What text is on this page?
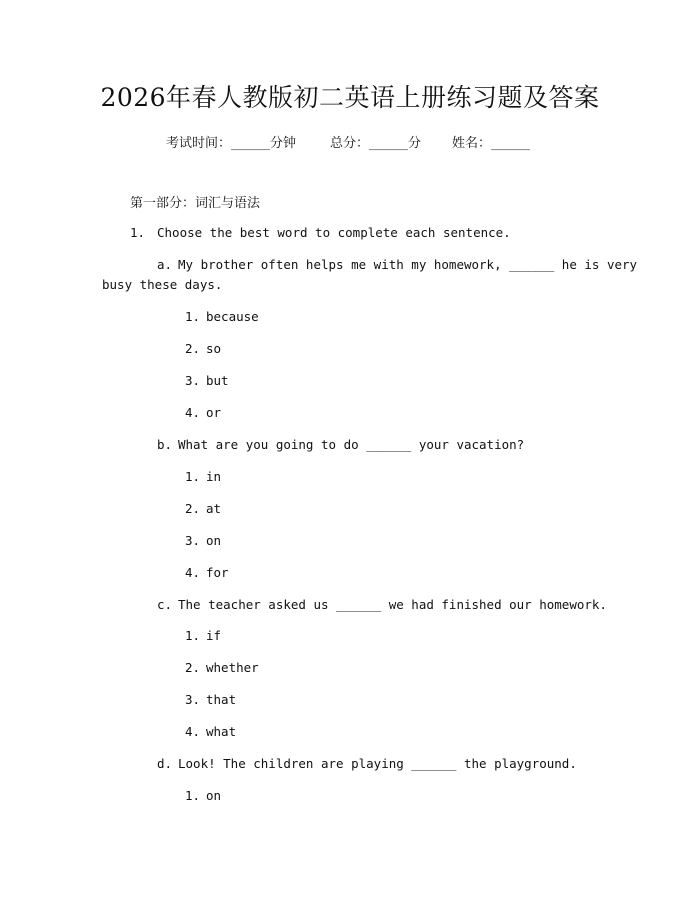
2026年春人教版初二英语上册练习题及答案
考试时间：______分钟	总分：______分 姓名：______
第一部分：词汇与语法
1. Choose the best word to complete each sentence.
a. My brother often helps me with my homework, ______ he is very
busy these days.
1. because
2. so
3. but
4. or
b. What are you going to do ______ your vacation?
1. in
2. at
3. on
4. for
c. The teacher asked us ______ we had finished our homework.
1. if
2. whether
3. that
4. what
d. Look! The children are playing ______ the playground.
1. on
